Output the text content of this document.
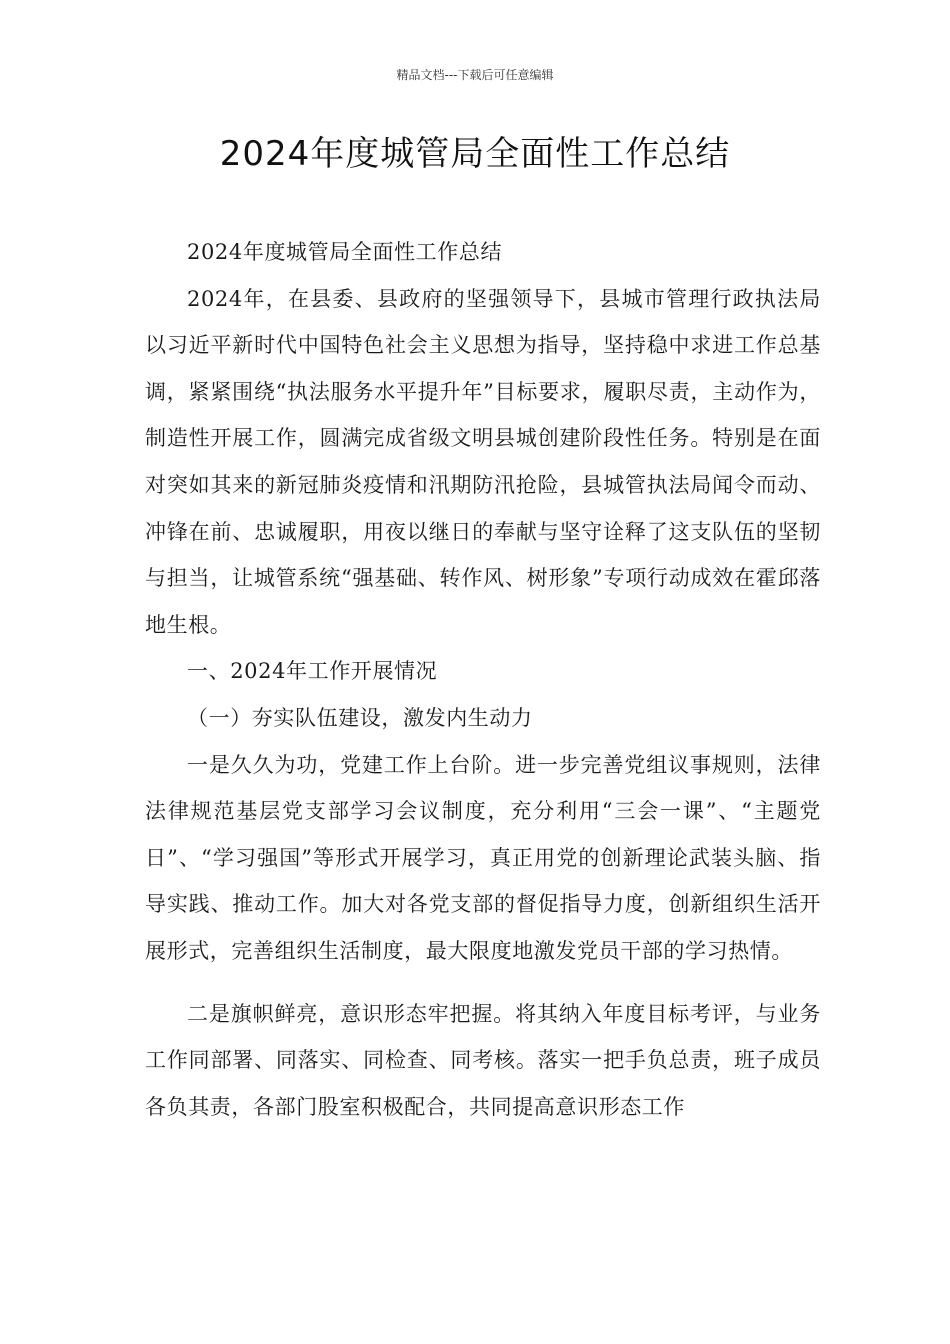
精品文档---下载后可任意编辑
2024年度城管局全面性工作总结

2024年度城管局全面性工作总结

2024年，在县委、县政府的坚强领导下，县城市管理行政执法局以习近平新时代中国特色社会主义思想为指导，坚持稳中求进工作总基调，紧紧围绕“执法服务水平提升年”目标要求，履职尽责，主动作为，制造性开展工作，圆满完成省级文明县城创建阶段性任务。特别是在面对突如其来的新冠肺炎疫情和汛期防汛抢险，县城管执法局闻令而动、冲锋在前、忠诚履职，用夜以继日的奉献与坚守诠释了这支队伍的坚韧与担当，让城管系统“强基础、转作风、树形象”专项行动成效在霍邱落地生根。

一、2024年工作开展情况

（一）夯实队伍建设，激发内生动力

一是久久为功，党建工作上台阶。进一步完善党组议事规则，法律法律规范基层党支部学习会议制度，充分利用“三会一课”、“主题党日”、“学习强国”等形式开展学习，真正用党的创新理论武装头脑、指导实践、推动工作。加大对各党支部的督促指导力度，创新组织生活开展形式，完善组织生活制度，最大限度地激发党员干部的学习热情。

二是旗帜鲜亮，意识形态牢把握。将其纳入年度目标考评，与业务工作同部署、同落实、同检查、同考核。落实一把手负总责，班子成员各负其责，各部门股室积极配合，共同提高意识形态工作
